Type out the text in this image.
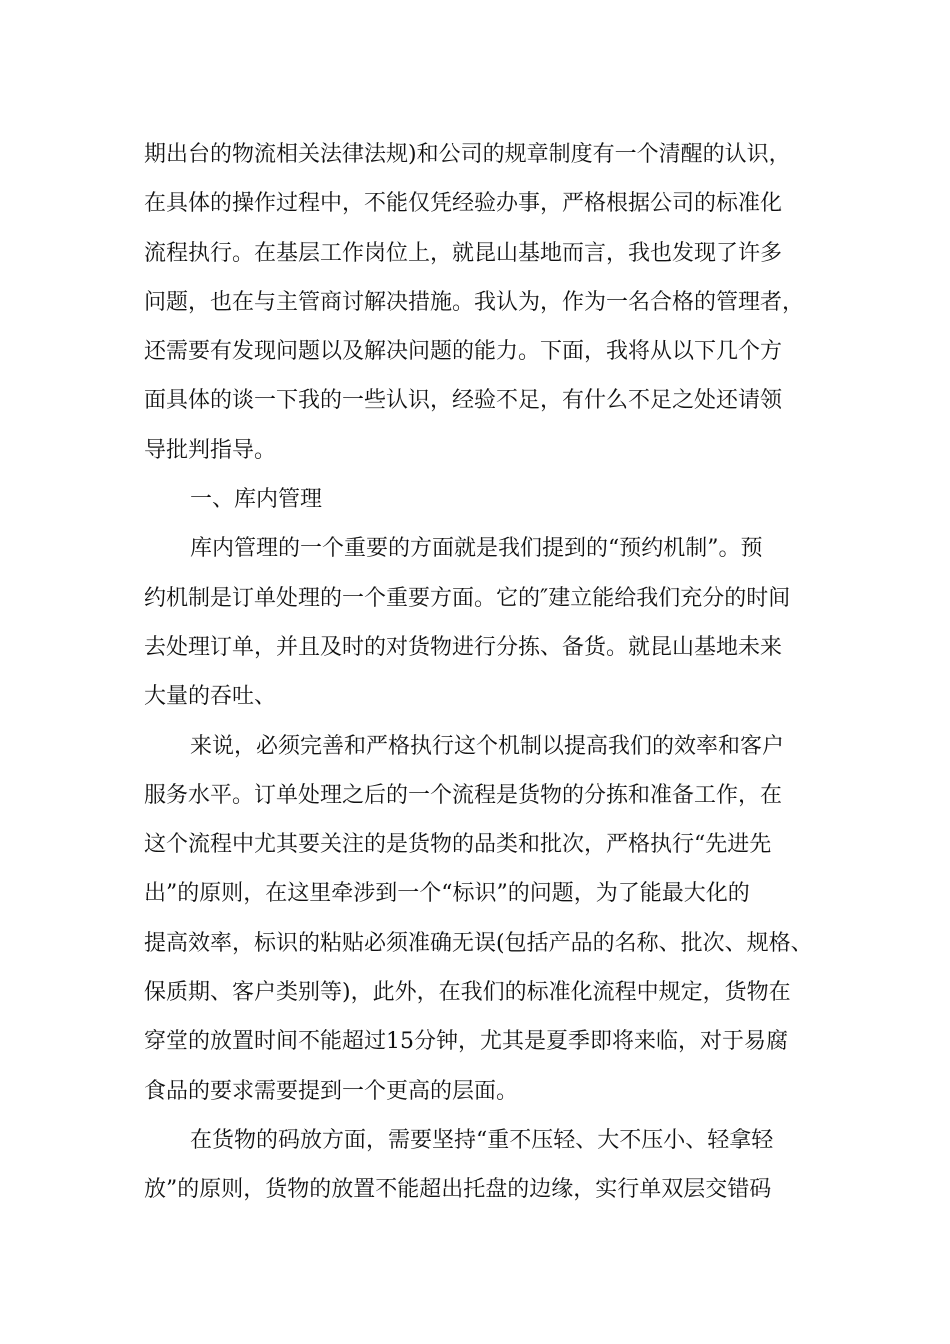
期出台的物流相关法律法规)和公司的规章制度有一个清醒的认识，
在具体的操作过程中，不能仅凭经验办事，严格根据公司的标准化
流程执行。在基层工作岗位上，就昆山基地而言，我也发现了许多
问题，也在与主管商讨解决措施。我认为，作为一名合格的管理者，
还需要有发现问题以及解决问题的能力。下面，我将从以下几个方
面具体的谈一下我的一些认识，经验不足，有什么不足之处还请领
导批判指导。
一、库内管理
库内管理的一个重要的方面就是我们提到的“预约机制”。预
约机制是订单处理的一个重要方面。它的″建立能给我们充分的时间
去处理订单，并且及时的对货物进行分拣、备货。就昆山基地未来
大量的吞吐、
来说，必须完善和严格执行这个机制以提高我们的效率和客户
服务水平。订单处理之后的一个流程是货物的分拣和准备工作，在
这个流程中尤其要关注的是货物的品类和批次，严格执行“先进先
出”的原则，在这里牵涉到一个“标识”的问题，为了能最大化的
提高效率，标识的粘贴必须准确无误(包括产品的名称、批次、规格、
保质期、客户类别等)，此外，在我们的标准化流程中规定，货物在
穿堂的放置时间不能超过15分钟，尤其是夏季即将来临，对于易腐
食品的要求需要提到一个更高的层面。
在货物的码放方面，需要坚持“重不压轻、大不压小、轻拿轻
放”的原则，货物的放置不能超出托盘的边缘，实行单双层交错码
